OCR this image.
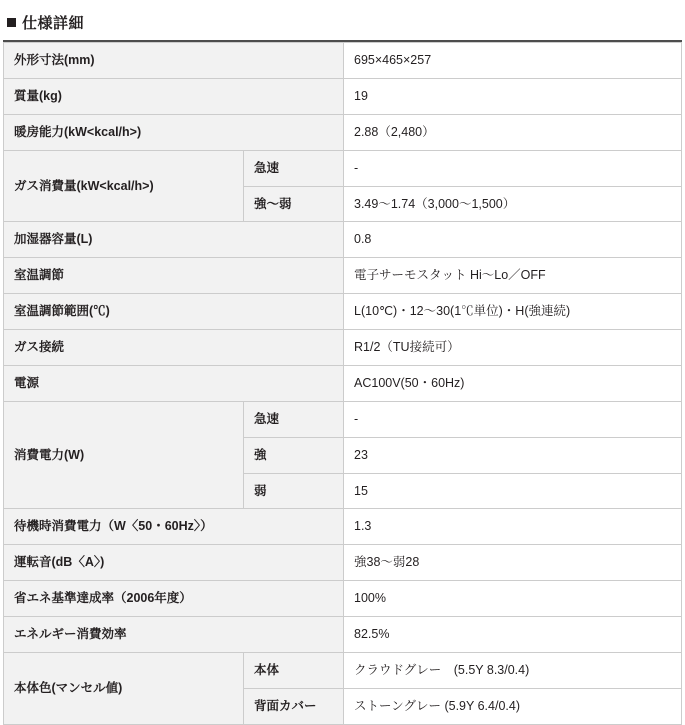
仕様詳細
外形寸法(mm)		695×465×257
質量(kg)		19
暖房能力(kW<kcal/h>)		2.88（2,480）
ガス消費量(kW<kcal/h>)	急速	-
	強〜弱	3.49〜1.74（3,000〜1,500）
加湿器容量(L)		0.8
室温調節		電子サーモスタット Hi〜Lo／OFF
室温調節範囲(℃)		L(10℃)・12〜30(1℃単位)・H(強連続)
ガス接続		R1/2（TU接続可）
電源		AC100V(50・60Hz)
消費電力(W)	急速	-
	強	23
	弱	15
待機時消費電力（W〈50・60Hz〉）		1.3
運転音(dB〈A〉)		強38〜弱28
省エネ基準達成率（2006年度）		100%
エネルギー消費効率		82.5%
本体色(マンセル値)	本体	クラウドグレー　(5.5Y 8.3/0.4)
	背面カバー	ストーングレー (5.9Y 6.4/0.4)
